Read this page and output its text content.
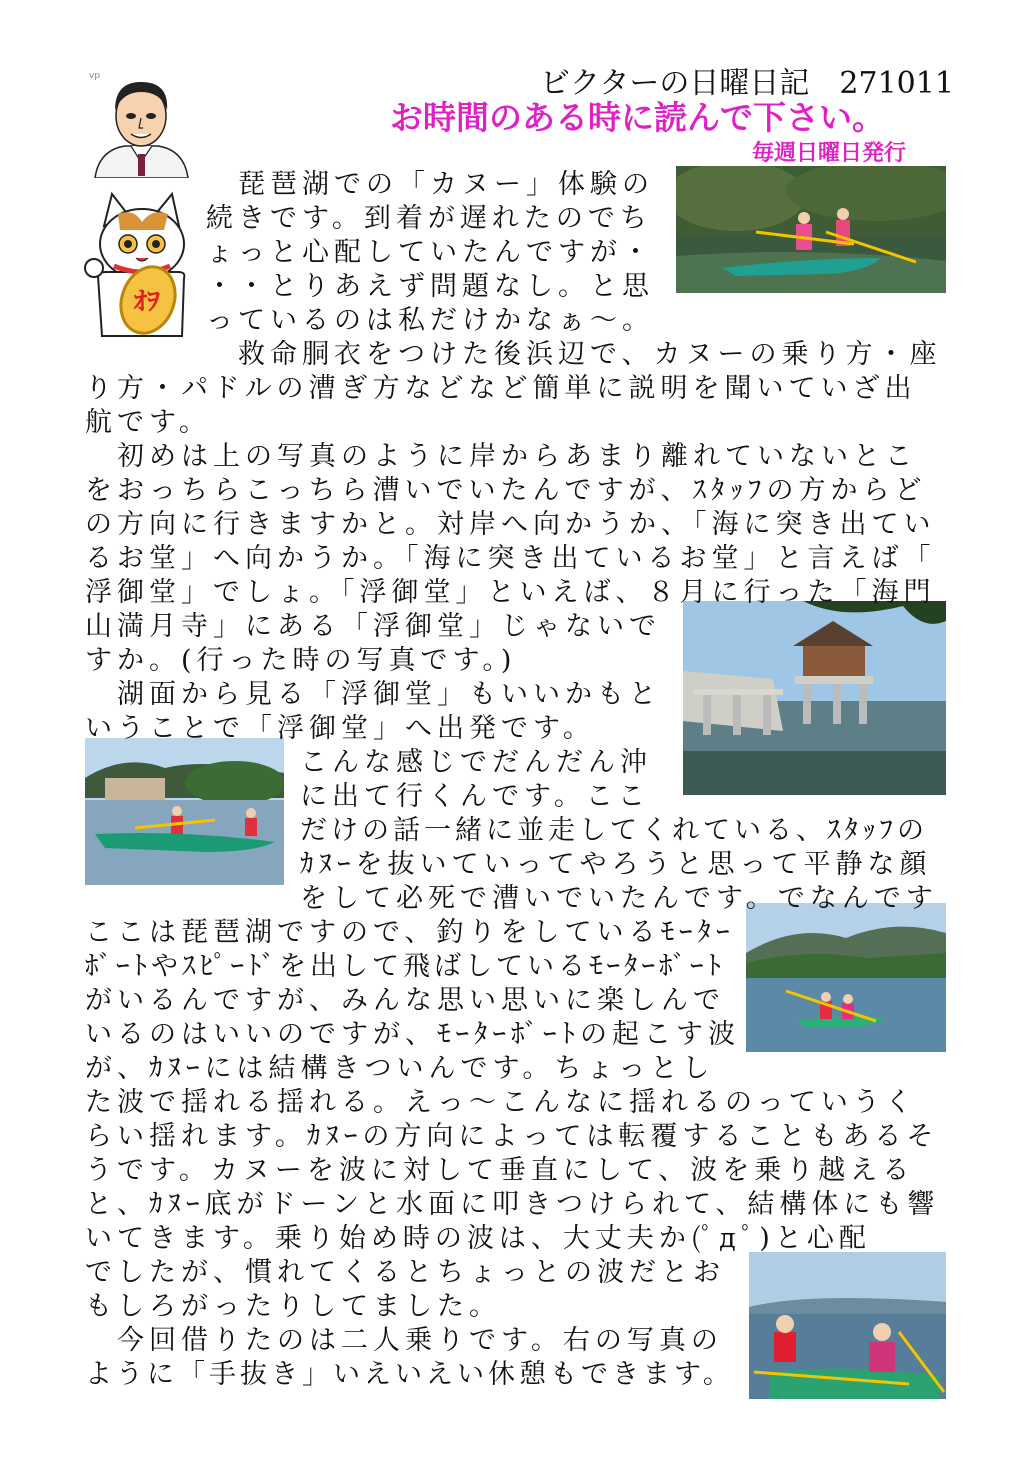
ビクターの日曜日記　271011
お時間のある時に読んで下さい。
毎週日曜日発行
vp
ｵｦ
　琵琶湖での「カヌー」体験の
続きです。到着が遅れたのでち
ょっと心配していたんですが・
・・とりあえず問題なし。と思
っているのは私だけかなぁ～。
　救命胴衣をつけた後浜辺で、カヌーの乗り方・座
り方・パドルの漕ぎ方などなど簡単に説明を聞いていざ出
航です。
　初めは上の写真のように岸からあまり離れていないとこ
をおっちらこっちら漕いでいたんですが、ｽﾀｯﾌの方からど
の方向に行きますかと。対岸へ向かうか、「海に突き出てい
るお堂」へ向かうか。「海に突き出ているお堂」と言えば「
浮御堂」でしょ。「浮御堂」といえば、８月に行った「海門
山満月寺」にある「浮御堂」じゃないで
すか。(行った時の写真です。)
　湖面から見る「浮御堂」もいいかもと
いうことで「浮御堂」へ出発です。
こんな感じでだんだん沖
に出て行くんです。ここ
だけの話一緒に並走してくれている、ｽﾀｯﾌの
ｶﾇｰを抜いていってやろうと思って平静な顔
をして必死で漕いでいたんです。でなんです
ここは琵琶湖ですので、釣りをしているﾓｰﾀｰ
ﾎﾞｰﾄやｽﾋﾟｰﾄﾞを出して飛ばしているﾓｰﾀｰﾎﾞｰﾄ
がいるんですが、みんな思い思いに楽しんで
いるのはいいのですが、ﾓｰﾀｰﾎﾞｰﾄの起こす波
が、ｶﾇｰには結構きついんです。ちょっとし
た波で揺れる揺れる。えっ～こんなに揺れるのっていうく
らい揺れます。ｶﾇｰの方向によっては転覆することもあるそ
うです。カヌーを波に対して垂直にして、波を乗り越える
と、ｶﾇｰ底がドーンと水面に叩きつけられて、結構体にも響
いてきます。乗り始め時の波は、大丈夫か(ﾟдﾟ)と心配
でしたが、慣れてくるとちょっとの波だとお
もしろがったりしてました。
　今回借りたのは二人乗りです。右の写真の
ように「手抜き」いえいえい休憩もできます。
